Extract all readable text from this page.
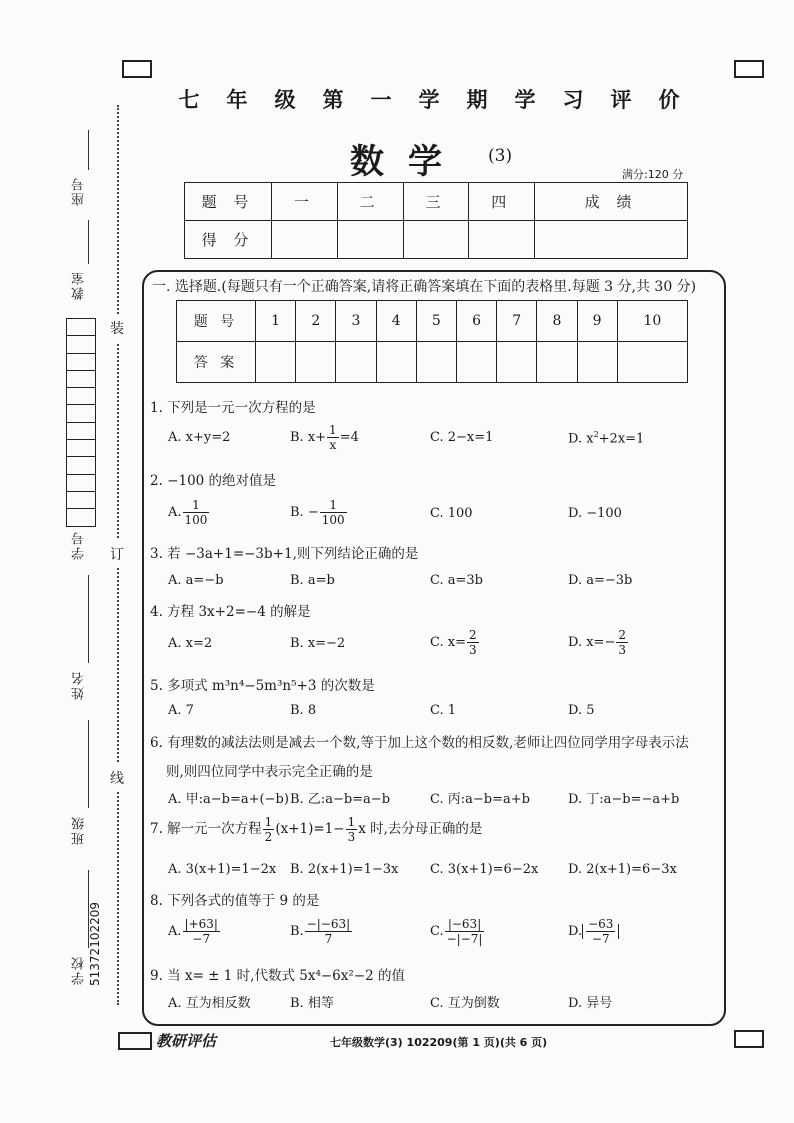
座号
教室
学号
姓名
班级
学校 51372102209
装
订
线
七 年 级 第 一 学 期 学 习 评 价
数学 (3)
满分:120 分
题 号	一	二	三	四	成 绩
得 分					
一. 选择题.(每题只有一个正确答案,请将正确答案填在下面的表格里.每题 3 分,共 30 分)
题 号	1	2	3	4	5	6	7	8	9	10
答 案										
1. 下列是一元一次方程的是
A. x+y=2	B. $x+ \frac{1}{x} =4$	C. 2−x=1	D. $x^2+2x=1$
2. −100 的绝对值是
A. $\frac{1}{100}$	B. − $\frac{1}{100}$	C. 100	D. −100
3. 若 −3a+1=−3b+1,则下列结论正确的是
A. a=−b	B. a=b	C. a=3b	D. a=−3b
4. 方程 3x+2=−4 的解是
A. x=2	B. x=−2	C. $x= \frac{2}{3}$	D. $x=- \frac{2}{3}$
5. 多项式 m³n⁴−5m³n⁵+3 的次数是
A. 7	B. 8	C. 1	D. 5
6. 有理数的减法法则是减去一个数,等于加上这个数的相反数,老师让四位同学用字母表示法
则,则四位同学中表示完全正确的是
A. 甲:a−b=a+(−b) B. 乙:a−b=a−b	C. 丙:a−b=a+b	D. 丁:a−b=−a+b
7. 解一元一次方程 $\frac{1}{2} (x+1)=1- \frac{1}{3}$ x 时,去分母正确的是
A. 3(x+1)=1−2x B. 2(x+1)=1−3x C. 3(x+1)=6−2x D. 2(x+1)=6−3x
8. 下列各式的值等于 9 的是
A. $\frac{|+63|}{-7}$	B. $\frac{-|-63|}{7}$	C. $\frac{|-63|}{-|-7|}$	D. $\frac{-63}{-7}$
9. 当 x= ± 1 时,代数式 5x⁴−6x²−2 的值
A. 互为相反数	B. 相等	C. 互为倒数	D. 异号
教研评估	七年级数学(3) 102209(第 1 页)(共 6 页)
